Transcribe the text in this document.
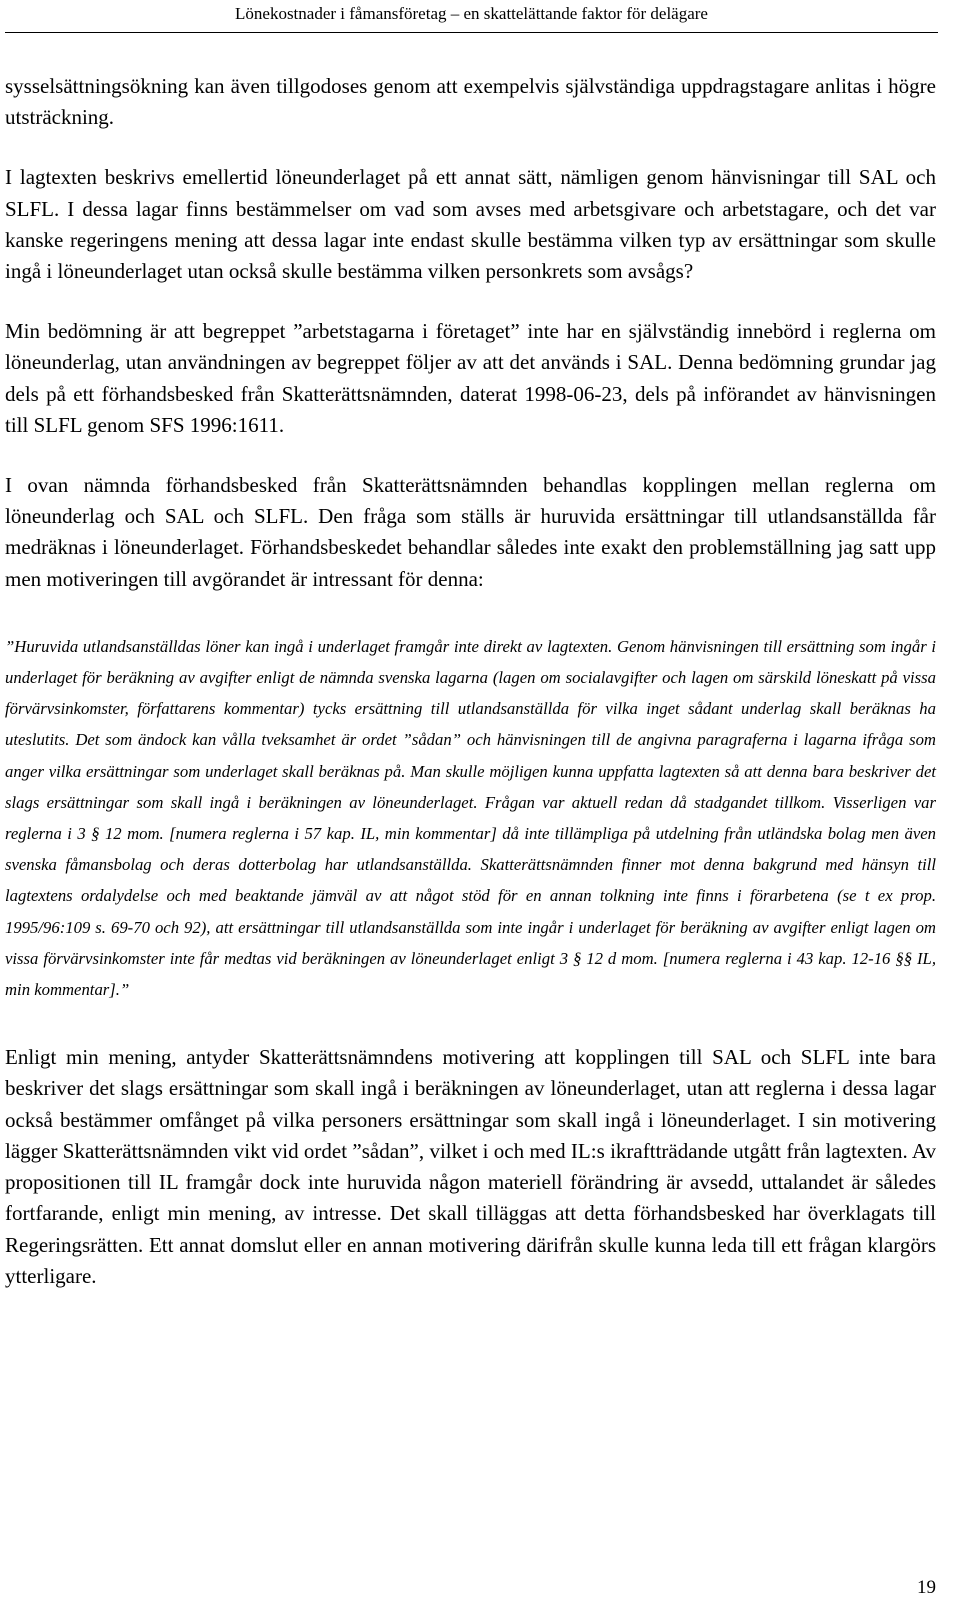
Lönekostnader i fåmansföretag – en skattelättande faktor för delägare

sysselsättningsökning kan även tillgodoses genom att exempelvis självständiga uppdragstagare anlitas i högre utsträckning.

I lagtexten beskrivs emellertid löneunderlaget på ett annat sätt, nämligen genom hänvisningar till SAL och SLFL. I dessa lagar finns bestämmelser om vad som avses med arbetsgivare och arbetstagare, och det var kanske regeringens mening att dessa lagar inte endast skulle bestämma vilken typ av ersättningar som skulle ingå i löneunderlaget utan också skulle bestämma vilken personkrets som avsågs?

Min bedömning är att begreppet ”arbetstagarna i företaget” inte har en självständig innebörd i reglerna om löneunderlag, utan användningen av begreppet följer av att det används i SAL. Denna bedömning grundar jag dels på ett förhandsbesked från Skatterättsnämnden, daterat 1998-06-23, dels på införandet av hänvisningen till SLFL genom SFS 1996:1611.

I ovan nämnda förhandsbesked från Skatterättsnämnden behandlas kopplingen mellan reglerna om löneunderlag och SAL och SLFL. Den fråga som ställs är huruvida ersättningar till utlandsanställda får medräknas i löneunderlaget. Förhandsbeskedet behandlar således inte exakt den problemställning jag satt upp men motiveringen till avgörandet är intressant för denna:

”Huruvida utlandsanställdas löner kan ingå i underlaget framgår inte direkt av lagtexten. Genom hänvisningen till ersättning som ingår i underlaget för beräkning av avgifter enligt de nämnda svenska lagarna (lagen om socialavgifter och lagen om särskild löneskatt på vissa förvärvsinkomster, författarens kommentar) tycks ersättning till utlandsanställda för vilka inget sådant underlag skall beräknas ha uteslutits. Det som ändock kan vålla tveksamhet är ordet ”sådan” och hänvisningen till de angivna paragraferna i lagarna ifråga som anger vilka ersättningar som underlaget skall beräknas på. Man skulle möjligen kunna uppfatta lagtexten så att denna bara beskriver det slags ersättningar som skall ingå i beräkningen av löneunderlaget. Frågan var aktuell redan då stadgandet tillkom. Visserligen var reglerna i 3 § 12 mom. [numera reglerna i 57 kap. IL, min kommentar] då inte tillämpliga på utdelning från utländska bolag men även svenska fåmansbolag och deras dotterbolag har utlandsanställda. Skatterättsnämnden finner mot denna bakgrund med hänsyn till lagtextens ordalydelse och med beaktande jämväl av att något stöd för en annan tolkning inte finns i förarbetena (se t ex prop. 1995/96:109 s. 69-70 och 92), att ersättningar till utlandsanställda som inte ingår i underlaget för beräkning av avgifter enligt lagen om vissa förvärvsinkomster inte får medtas vid beräkningen av löneunderlaget enligt 3 § 12 d mom. [numera reglerna i 43 kap. 12-16 §§ IL, min kommentar].”

Enligt min mening, antyder Skatterättsnämndens motivering att kopplingen till SAL och SLFL inte bara beskriver det slags ersättningar som skall ingå i beräkningen av löneunderlaget, utan att reglerna i dessa lagar också bestämmer omfånget på vilka personers ersättningar som skall ingå i löneunderlaget. I sin motivering lägger Skatterättsnämnden vikt vid ordet ”sådan”, vilket i och med IL:s ikraftträdande utgått från lagtexten. Av propositionen till IL framgår dock inte huruvida någon materiell förändring är avsedd, uttalandet är således fortfarande, enligt min mening, av intresse. Det skall tilläggas att detta förhandsbesked har överklagats till Regeringsrätten. Ett annat domslut eller en annan motivering därifrån skulle kunna leda till ett frågan klargörs ytterligare.

19
